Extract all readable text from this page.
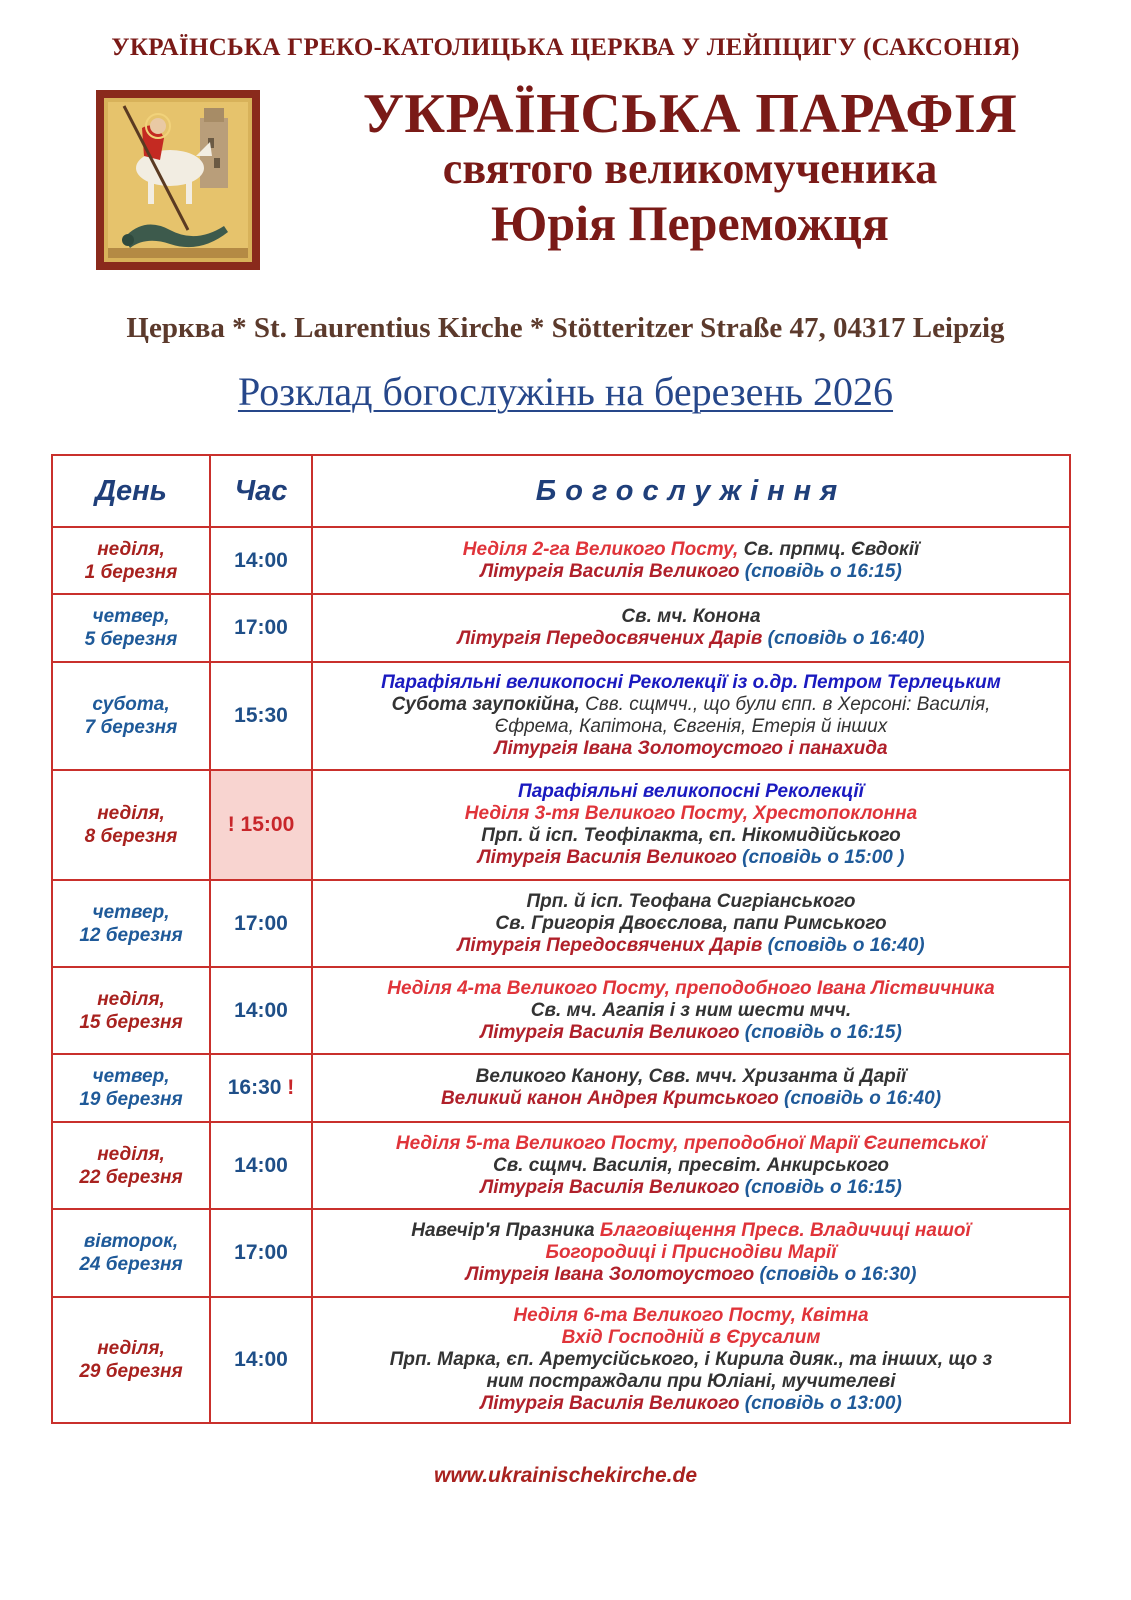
УКРАЇНСЬКА ГРЕКО-КАТОЛИЦЬКА ЦЕРКВА У ЛЕЙПЦИГУ (САКСОНІЯ)
УКРАЇНСЬКА ПАРАФІЯ
святого великомученика
Юрія Переможця
Церква * St. Laurentius Kirche * Stötteritzer Straße 47, 04317 Leipzig
Розклад богослужінь на березень 2026
День	Час	Богослужіння
неділя,
1 березня	14:00	Неділя 2-га Великого Посту, Св. прпмц. Євдокії
Літургія Василія Великого (сповідь о 16:15)
четвер,
5 березня	17:00	Св. мч. Конона
Літургія Передосвячених Дарів (сповідь о 16:40)
субота,
7 березня	15:30	Парафіяльні великопосні Реколекції із о.др. Петром Терлецьким
Субота заупокійна, Свв. сщмчч., що були єпп. в Херсоні: Василія,
Єфрема, Капітона, Євгенія, Етерія й інших
Літургія Івана Золотоустого і панахида
неділя,
8 березня	! 15:00	Парафіяльні великопосні Реколекції
Неділя 3-тя Великого Посту, Хрестопоклонна
Прп. й ісп. Теофілакта, єп. Нікомидійського
Літургія Василія Великого (сповідь о 15:00 )
четвер,
12 березня	17:00	Прп. й ісп. Теофана Сигріанського
Св. Григорія Двоєслова, папи Римського
Літургія Передосвячених Дарів (сповідь о 16:40)
неділя,
15 березня	14:00	Неділя 4-та Великого Посту, преподобного Івана Ліствичника
Св. мч. Агапія і з ним шести мчч.
Літургія Василія Великого (сповідь о 16:15)
четвер,
19 березня	16:30 !	Великого Канону, Свв. мчч. Хризанта й Дарії
Великий канон Андрея Критського (сповідь о 16:40)
неділя,
22 березня	14:00	Неділя 5-та Великого Посту, преподобної Марії Єгипетської
Св. сщмч. Василія, пресвіт. Анкирського
Літургія Василія Великого (сповідь о 16:15)
вівторок,
24 березня	17:00	Навечір'я Празника Благовіщення Пресв. Владичиці нашої
Богородиці і Приснодіви Марії
Літургія Івана Золотоустого (сповідь о 16:30)
неділя,
29 березня	14:00	Неділя 6-та Великого Посту, Квітна
Вхід Господній в Єрусалим
Прп. Марка, єп. Аретусійського, і Кирила дияк., та інших, що з
ним постраждали при Юліані, мучителеві
Літургія Василія Великого (сповідь о 13:00)
www.ukrainischekirche.de
